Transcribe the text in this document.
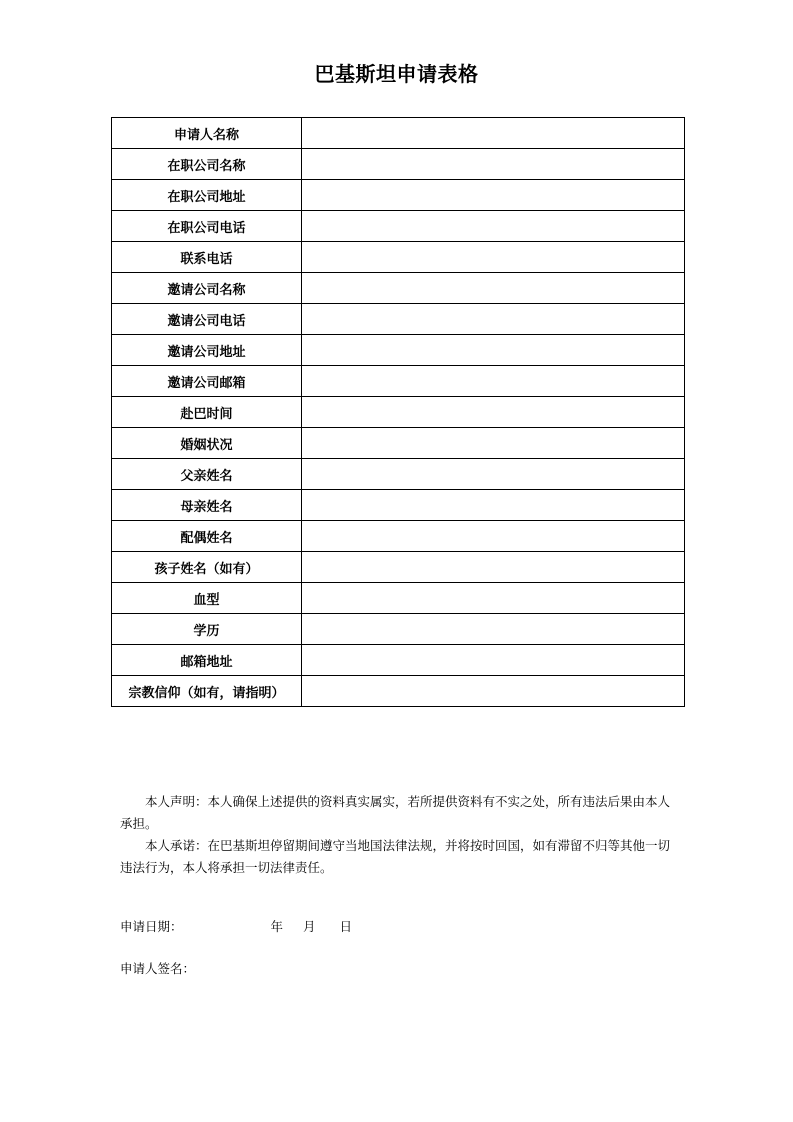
巴基斯坦申请表格
申请人名称	
在职公司名称	
在职公司地址	
在职公司电话	
联系电话	
邀请公司名称	
邀请公司电话	
邀请公司地址	
邀请公司邮箱	
赴巴时间	
婚姻状况	
父亲姓名	
母亲姓名	
配偶姓名	
孩子姓名（如有）	
血型	
学历	
邮箱地址	
宗教信仰（如有，请指明）	

本人声明：本人确保上述提供的资料真实属实，若所提供资料有不实之处，所有违法后果由本人承担。

本人承诺：在巴基斯坦停留期间遵守当地国法律法规，并将按时回国，如有滞留不归等其他一切违法行为，本人将承担一切法律责任。

申请日期：	年 月 日
申请人签名：
